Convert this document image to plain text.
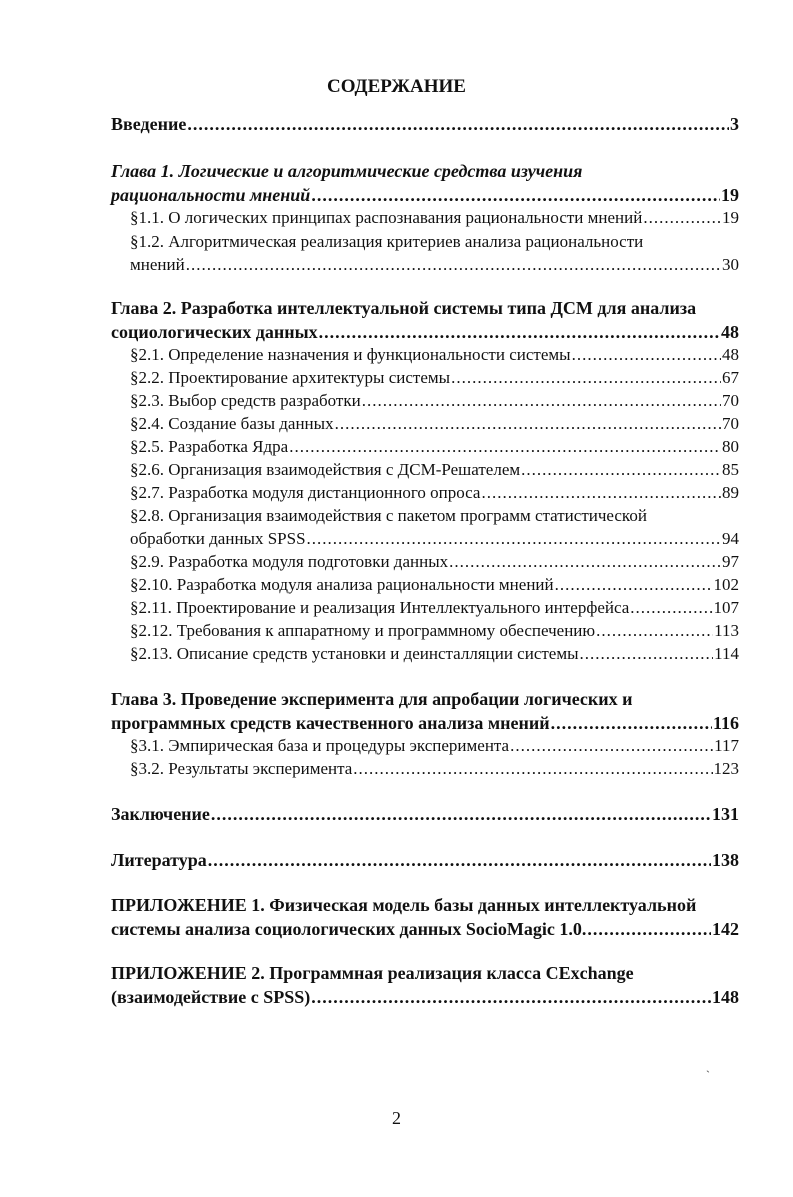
СОДЕРЖАНИЕ
Введение .....	3
Глава 1. Логические и алгоритмические средства изучения
рациональности мнений .....	19
§1.1. О логических принципах распознавания рациональности мнений .....	19
§1.2. Алгоритмическая реализация критериев анализа рациональности
мнений .....	30
Глава 2. Разработка интеллектуальной системы типа ДСМ для анализа
социологических данных .....	48
§2.1. Определение назначения и функциональности системы .....	48
§2.2. Проектирование архитектуры системы .....	67
§2.3. Выбор средств разработки .....	70
§2.4. Создание базы данных .....	70
§2.5. Разработка Ядра .....	80
§2.6. Организация взаимодействия с ДСМ-Решателем .....	85
§2.7. Разработка модуля дистанционного опроса .....	89
§2.8. Организация взаимодействия с пакетом программ статистической
обработки данных SPSS .....	94
§2.9. Разработка модуля подготовки данных .....	97
§2.10. Разработка модуля анализа рациональности мнений .....	102
§2.11. Проектирование и реализация Интеллектуального интерфейса .....	107
§2.12. Требования к аппаратному и программному обеспечению .....	113
§2.13. Описание средств установки и деинсталляции системы .....	114
Глава 3. Проведение эксперимента для апробации логических и
программных средств качественного анализа мнений .....	116
§3.1. Эмпирическая база и процедуры эксперимента .....	117
§3.2. Результаты эксперимента .....	123
Заключение .....	131
Литература .....	138
ПРИЛОЖЕНИЕ 1. Физическая модель базы данных интеллектуальной
системы анализа социологических данных SocioMagic 1.0. .....	142
ПРИЛОЖЕНИЕ 2. Программная реализация класса CExchange
(взаимодействие с SPSS) .....	148
`
2
